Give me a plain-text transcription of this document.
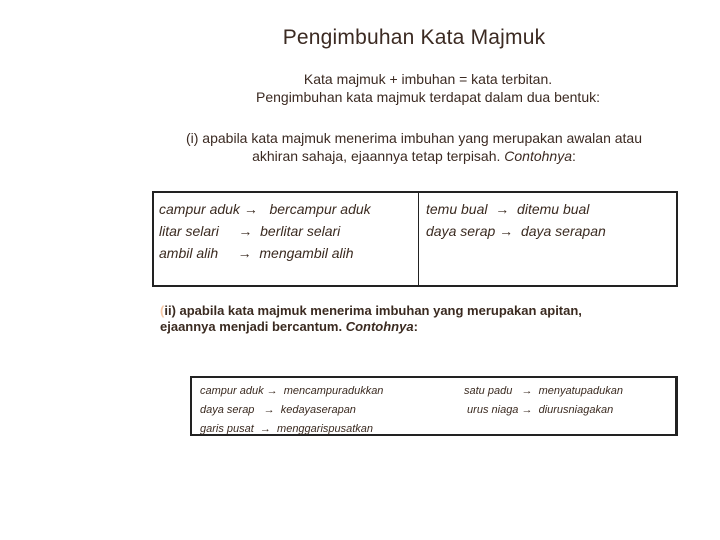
Pengimbuhan Kata Majmuk
Kata majmuk + imbuhan = kata terbitan.
Pengimbuhan kata majmuk terdapat dalam dua bentuk:
(i) apabila kata majmuk menerima imbuhan yang merupakan awalan atau
akhiran sahaja, ejaannya tetap terpisah. Contohnya:
campur aduk →   bercampur aduk
litar selari     →  berlitar selari
ambil alih     →  mengambil alih
temu bual  →  ditemu bual
daya serap →  daya serapan
(ii) apabila kata majmuk menerima imbuhan yang merupakan apitan,
ejaannya menjadi bercantum. Contohnya:
campur aduk →  mencampuradukkan
daya serap   →  kedayaserapan
garis pusat  →  menggarispusatkan
satu padu   →  menyatupadukan
urus niaga →  diurusniagakan
